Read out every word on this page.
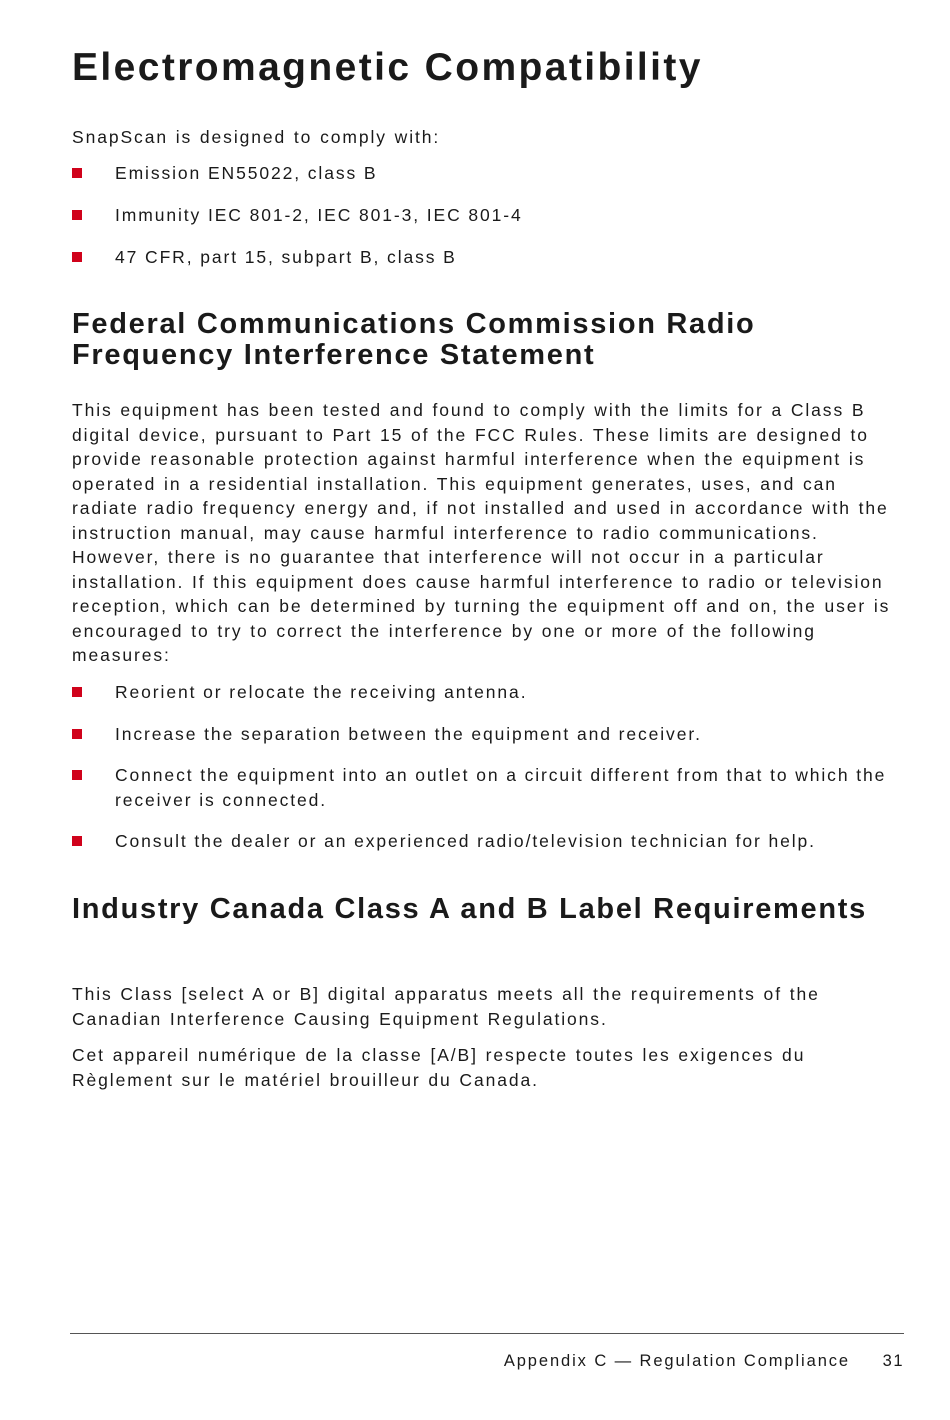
Electromagnetic Compatibility

SnapScan is designed to comply with:

Emission EN55022, class B
Immunity IEC 801-2, IEC 801-3, IEC 801-4
47 CFR, part 15, subpart B, class B
Federal Communications Commission Radio Frequency Interference Statement

This equipment has been tested and found to comply with the limits for a Class B digital device, pursuant to Part 15 of the FCC Rules. These limits are designed to provide reasonable protection against harmful interference when the equipment is operated in a residential installation. This equipment generates, uses, and can radiate radio frequency energy and, if not installed and used in accordance with the instruction manual, may cause harmful interference to radio communications. However, there is no guarantee that interference will not occur in a particular installation. If this equipment does cause harmful interference to radio or television reception, which can be determined by turning the equipment off and on, the user is encouraged to try to correct the interference by one or more of the following measures:

Reorient or relocate the receiving antenna.
Increase the separation between the equipment and receiver.
Connect the equipment into an outlet on a circuit different from that to which the receiver is connected.
Consult the dealer or an experienced radio/television technician for help.
Industry Canada Class A and B Label Requirements

This Class [select A or B] digital apparatus meets all the requirements of the Canadian Interference Causing Equipment Regulations.

Cet appareil numérique de la classe [A/B] respecte toutes les exigences du Règlement sur le matériel brouilleur du Canada.

Appendix C — Regulation Compliance 31
